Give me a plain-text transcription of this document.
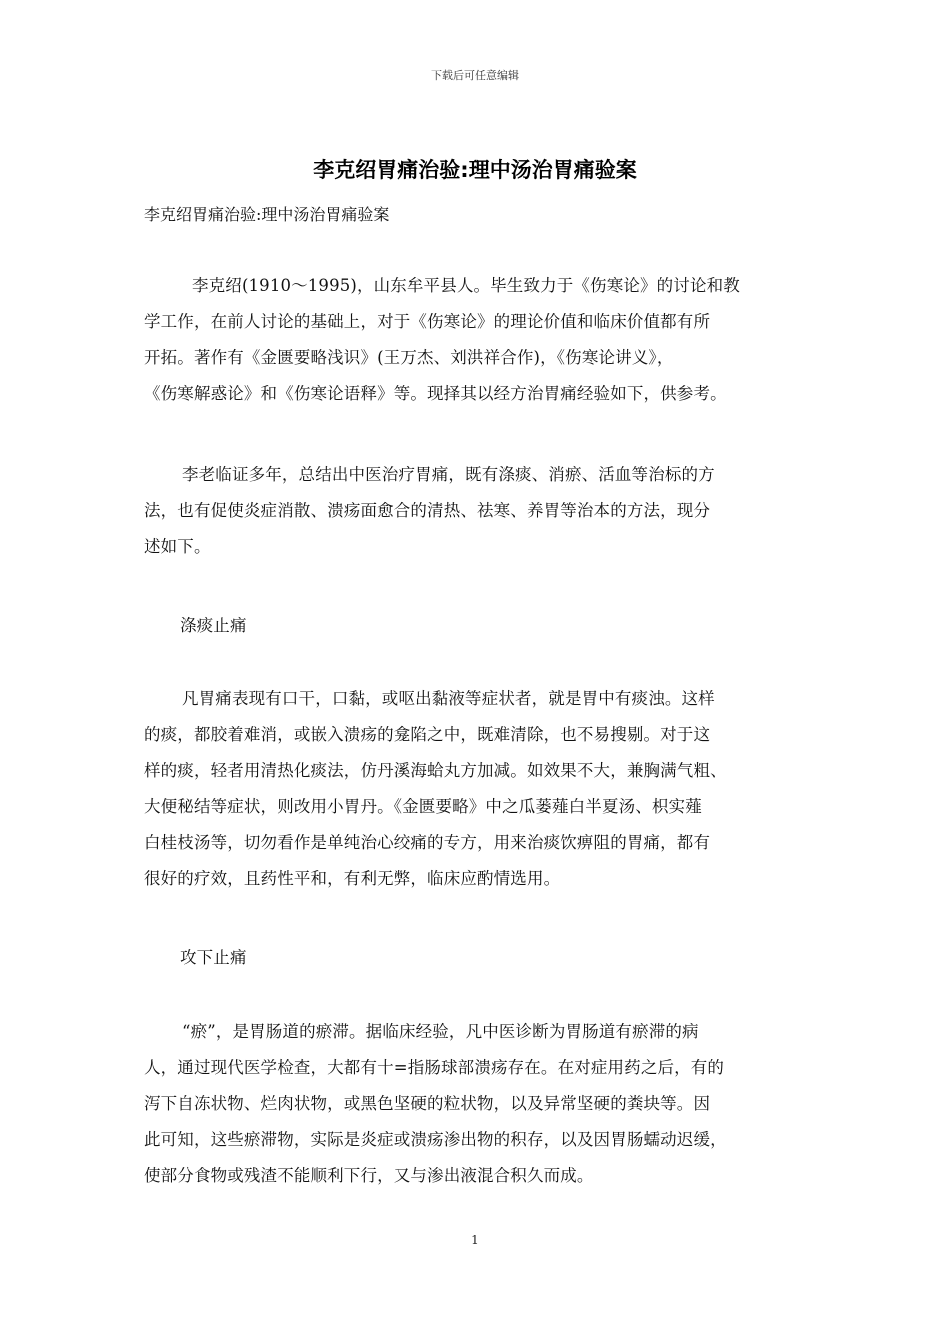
下载后可任意编辑
李克绍胃痛治验:理中汤治胃痛验案
李克绍胃痛治验:理中汤治胃痛验案
李克绍(1910～1995)，山东牟平县人。毕生致力于《伤寒论》的讨论和教
学工作，在前人讨论的基础上，对于《伤寒论》的理论价值和临床价值都有所
开拓。著作有《金匮要略浅识》(王万杰、刘洪祥合作)，《伤寒论讲义》，
《伤寒解惑论》和《伤寒论语释》等。现择其以经方治胃痛经验如下，供参考。
李老临证多年，总结出中医治疗胃痛，既有涤痰、消瘀、活血等治标的方
法，也有促使炎症消散、溃疡面愈合的清热、祛寒、养胃等治本的方法，现分
述如下。
涤痰止痛
凡胃痛表现有口干，口黏，或呕出黏液等症状者，就是胃中有痰浊。这样
的痰，都胶着难消，或嵌入溃疡的龛陷之中，既难清除，也不易搜剔。对于这
样的痰，轻者用清热化痰法，仿丹溪海蛤丸方加减。如效果不大，兼胸满气粗、
大便秘结等症状，则改用小胃丹。《金匮要略》中之瓜蒌薤白半夏汤、枳实薤
白桂枝汤等，切勿看作是单纯治心绞痛的专方，用来治痰饮痹阻的胃痛，都有
很好的疗效，且药性平和，有利无弊，临床应酌情选用。
攻下止痛
“瘀”，是胃肠道的瘀滞。据临床经验，凡中医诊断为胃肠道有瘀滞的病
人，通过现代医学检查，大都有十=指肠球部溃疡存在。在对症用药之后，有的
泻下自冻状物、烂肉状物，或黑色坚硬的粒状物，以及异常坚硬的粪块等。因
此可知，这些瘀滞物，实际是炎症或溃疡渗出物的积存，以及因胃肠蠕动迟缓，
使部分食物或残渣不能顺利下行，又与渗出液混合积久而成。
1
